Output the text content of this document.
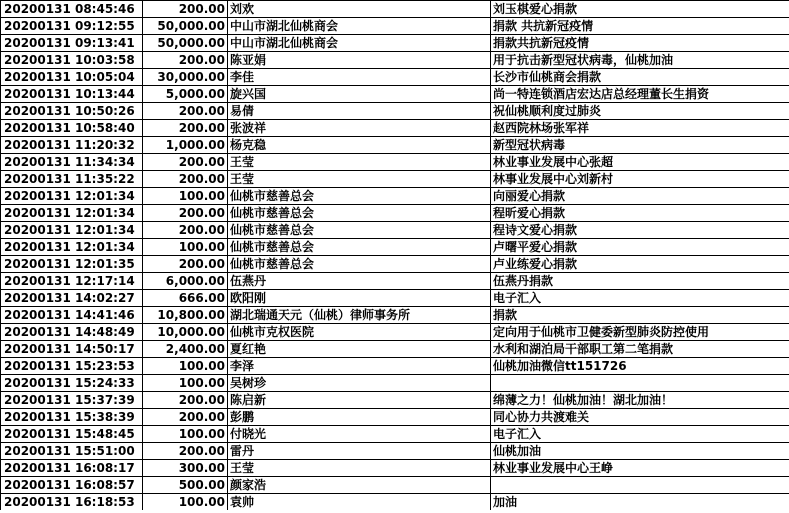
20200131 08:45:46	200.00	刘欢	刘玉棋爱心捐款
20200131 09:12:55	50,000.00	中山市湖北仙桃商会	捐款 共抗新冠疫情
20200131 09:13:41	50,000.00	中山市湖北仙桃商会	捐款共抗新冠疫情
20200131 10:03:58	200.00	陈亚娟	用于抗击新型冠状病毒，仙桃加油
20200131 10:05:04	30,000.00	李佳	长沙市仙桃商会捐款
20200131 10:13:44	5,000.00	旋兴国	尚一特连锁酒店宏达店总经理董长生捐资
20200131 10:50:26	200.00	易倩	祝仙桃顺利度过肺炎
20200131 10:58:40	200.00	张波祥	赵西院林场张军祥
20200131 11:20:32	1,000.00	杨克稳	新型冠状病毒
20200131 11:34:34	200.00	王莹	林业事业发展中心张超
20200131 11:35:22	200.00	王莹	林事业发展中心刘新村
20200131 12:01:34	100.00	仙桃市慈善总会	向丽爱心捐款
20200131 12:01:34	200.00	仙桃市慈善总会	程昕爱心捐款
20200131 12:01:34	200.00	仙桃市慈善总会	程诗文爱心捐款
20200131 12:01:34	100.00	仙桃市慈善总会	卢曙平爱心捐款
20200131 12:01:35	200.00	仙桃市慈善总会	卢业练爱心捐款
20200131 12:17:14	6,000.00	伍燕丹	伍燕丹捐款
20200131 14:02:27	666.00	欧阳刚	电子汇入
20200131 14:41:46	10,800.00	湖北瑞通天元（仙桃）律师事务所	捐款
20200131 14:48:49	10,000.00	仙桃市克权医院	定向用于仙桃市卫健委新型肺炎防控使用
20200131 14:50:17	2,400.00	夏红艳	水利和湖泊局干部职工第二笔捐款
20200131 15:23:53	100.00	李泽	仙桃加油微信tt151726
20200131 15:24:33	100.00	吴树珍	
20200131 15:37:39	200.00	陈启新	绵薄之力！仙桃加油！湖北加油！
20200131 15:38:39	200.00	彭鹏	同心协力共渡难关
20200131 15:48:45	100.00	付晓光	电子汇入
20200131 15:51:00	200.00	雷丹	仙桃加油
20200131 16:08:17	300.00	王莹	林业事业发展中心王峥
20200131 16:08:57	500.00	颜家浩	
20200131 16:18:53	100.00	袁帅	加油
